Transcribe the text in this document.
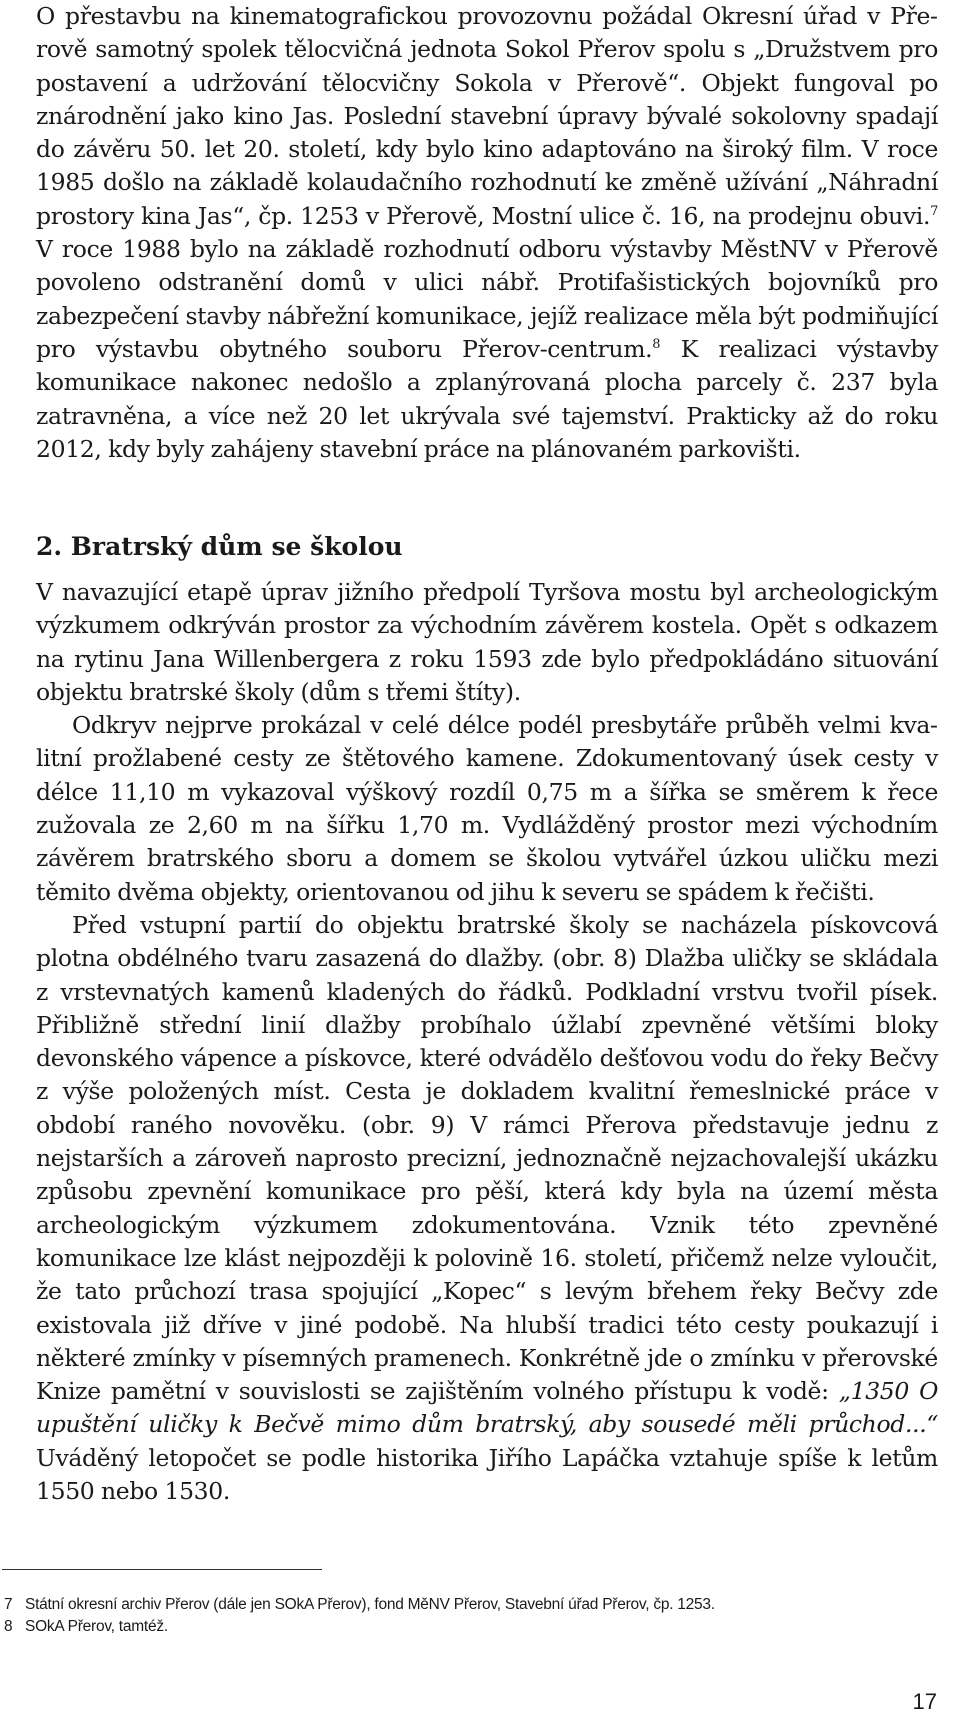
O přestavbu na kinematografickou provozovnu požádal Okresní úřad v Přerově samotný spolek tělocvičná jednota Sokol Přerov spolu s „Družstvem pro postavení a udržování tělocvičny Sokola v Přerově“. Objekt fungoval po znárodnění jako kino Jas. Poslední stavební úpravy bývalé sokolovny spadají do závěru 50. let 20. století, kdy bylo kino adaptováno na široký film. V roce 1985 došlo na základě kolaudačního rozhodnutí ke změně užívání „Náhradní prostory kina Jas“, čp. 1253 v Přerově, Mostní ulice č. 16, na prodejnu obuvi.$^7$ V roce 1988 bylo na základě rozhodnutí odboru výstavby MěstNV v Přerově povoleno odstranění domů v ulici nábř. Protifašistických bojovníků pro zabezpečení stavby nábřežní komunikace, jejíž realizace měla být podmiňující pro výstavbu obytného souboru Přerov-centrum.$^8$ K realizaci výstavby komunikace nakonec nedošlo a zplanýrovaná plocha parcely č. 237 byla zatravněna, a více než 20 let ukrývala své tajemství. Prakticky až do roku 2012, kdy byly zahájeny stavební práce na plánovaném parkovišti.

2. Bratrský dům se školou

V navazující etapě úprav jižního předpolí Tyršova mostu byl archeologickým výzkumem odkrýván prostor za východním závěrem kostela. Opět s odkazem na rytinu Jana Willenbergera z roku 1593 zde bylo předpokládáno situování objektu bratrské školy (dům s třemi štíty).

Odkryv nejprve prokázal v celé délce podél presbytáře průběh velmi kvalitní prožlabené cesty ze štětového kamene. Zdokumentovaný úsek cesty v délce 11,10 m vykazoval výškový rozdíl 0,75 m a šířka se směrem k řece zužovala ze 2,60 m na šířku 1,70 m. Vydlážděný prostor mezi východním závěrem bratrského sboru a domem se školou vytvářel úzkou uličku mezi těmito dvěma objekty, orientovanou od jihu k severu se spádem k řečišti.

Před vstupní partií do objektu bratrské školy se nacházela pískovcová plotna obdélného tvaru zasazená do dlažby. (obr. 8) Dlažba uličky se skládala z vrstevnatých kamenů kladených do řádků. Podkladní vrstvu tvořil písek. Přibližně střední linií dlažby probíhalo úžlabí zpevněné většími bloky devonského vápence a pískovce, které odvádělo dešťovou vodu do řeky Bečvy z výše položených míst. Cesta je dokladem kvalitní řemeslnické práce v období raného novověku. (obr. 9) V rámci Přerova představuje jednu z nejstarších a zároveň naprosto precizní, jednoznačně nejzachovalejší ukázku způsobu zpevnění komunikace pro pěší, která kdy byla na území města archeologickým výzkumem zdokumentována. Vznik této zpevněné komunikace lze klást nejpozději k polovině 16. století, přičemž nelze vyloučit, že tato průchozí trasa spojující „Kopec“ s levým břehem řeky Bečvy zde existovala již dříve v jiné podobě. Na hlubší tradici této cesty poukazují i některé zmínky v písemných pramenech. Konkrétně jde o zmínku v přerovské Knize pamětní v souvislosti se zajištěním volného přístupu k vodě: „1350 O upuštění uličky k Bečvě mimo dům bratrský, aby sousedé měli průchod...“ Uváděný letopočet se podle historika Jiřího Lapáčka vztahuje spíše k letům 1550 nebo 1530.

7 Státní okresní archiv Přerov (dále jen SOkA Přerov), fond MěNV Přerov, Stavební úřad Přerov, čp. 1253.
8 SOkA Přerov, tamtéž.
17
